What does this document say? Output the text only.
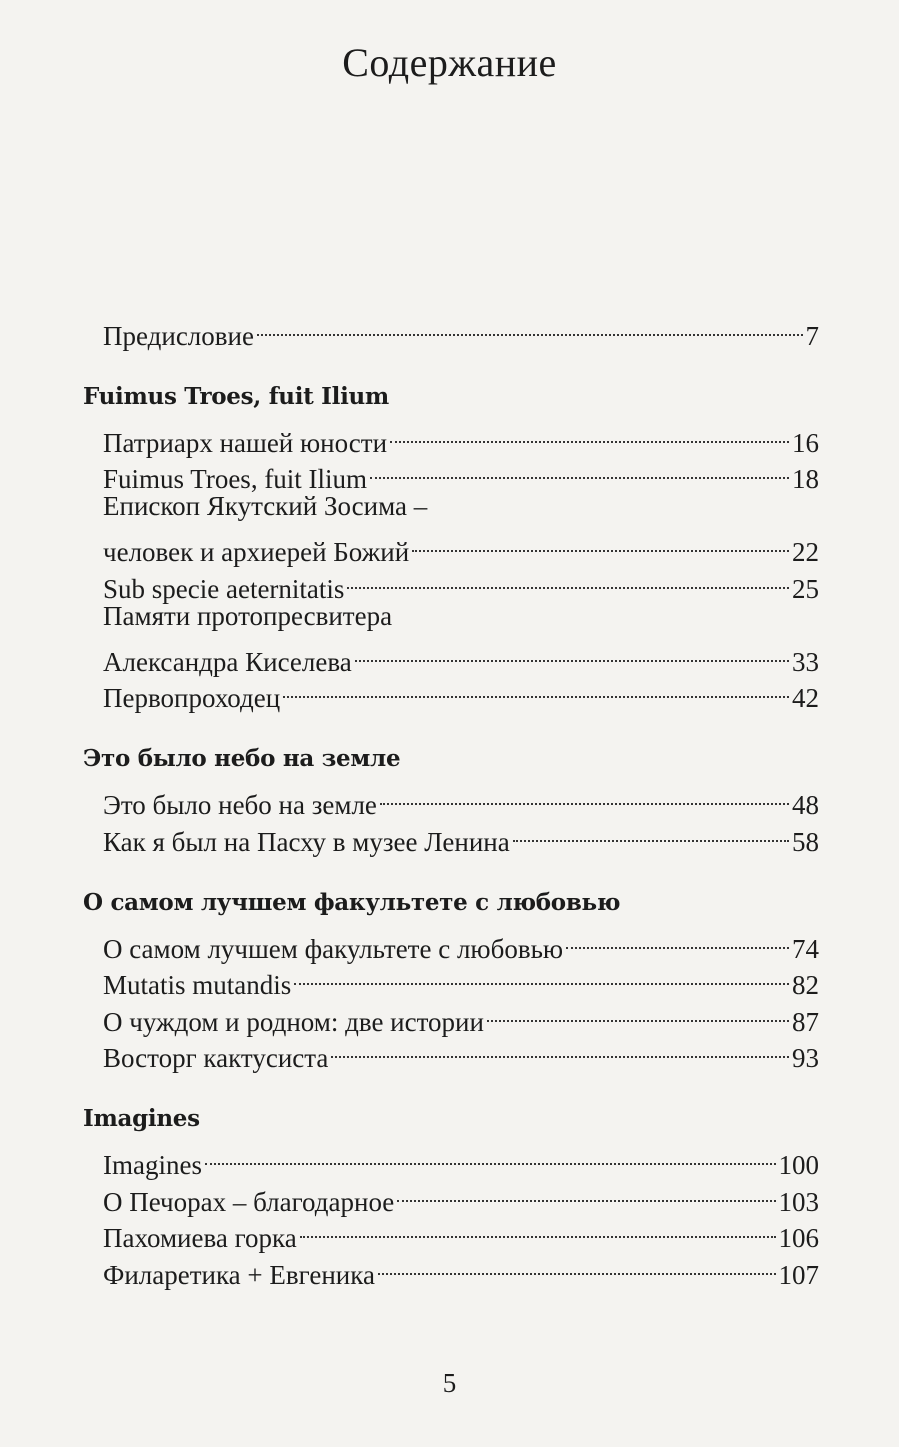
Содержание
Предисловие	7
Fuimus Troes, fuit Ilium
Патриарх нашей юности	16
Fuimus Troes, fuit Ilium	18
Епископ Якутский Зосима –
человек и архиерей Божий	22
Sub specie aeternitatis	25
Памяти протопресвитера
Александра Киселева	33
Первопроходец	42
Это было небо на земле
Это было небо на земле	48
Как я был на Пасху в музее Ленина	58
О самом лучшем факультете с любовью
О самом лучшем факультете с любовью	74
Mutatis mutandis	82
О чуждом и родном: две истории	87
Восторг кактусиста	93
Imagines
Imagines	100
О Печорах – благодарное	103
Пахомиева горка	106
Филаретика + Евгеника	107
5
